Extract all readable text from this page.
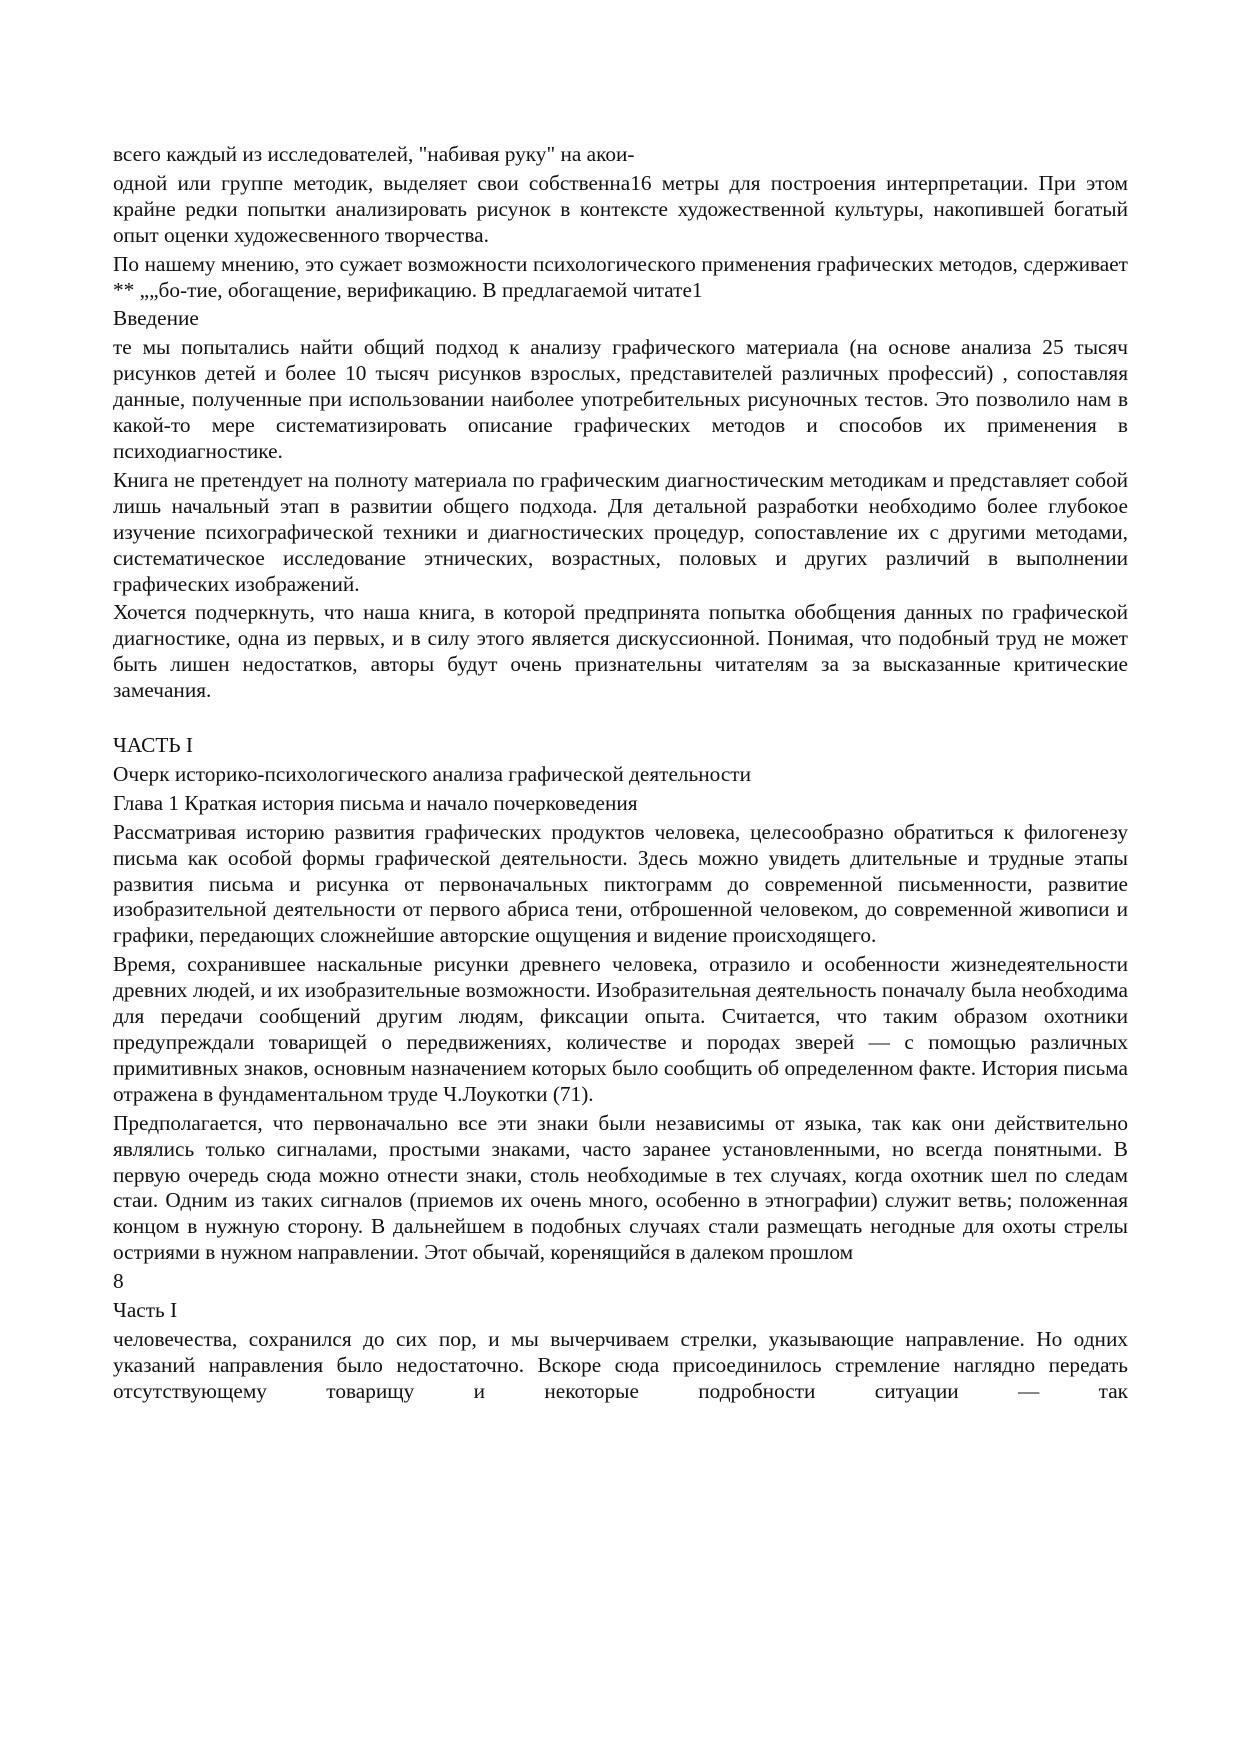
всего каждый из исследователей, "набивая руку" на акои-

одной или группе методик, выделяет свои собственна16 метры для построения интерпретации. При этом крайне редки попытки анализировать рисунок в контексте художественной культуры, накопившей богатый опыт оценки художесвенного творчества.

По нашему мнению, это сужает возможности психологического применения графических методов, сдерживает ** „„бо-тие, обогащение, верификацию. В предлагаемой читате1

Введение

те мы попытались найти общий подход к анализу графического материала (на основе анализа 25 тысяч рисунков детей и более 10 тысяч рисунков взрослых, представителей различных профессий) , сопоставляя данные, полученные при использовании наиболее употребительных рисуночных тестов. Это позволило нам в какой-то мере систематизировать описание графических методов и способов их применения в психодиагностике.

Книга не претендует на полноту материала по графическим диагностическим методикам и представляет собой лишь начальный этап в развитии общего подхода. Для детальной разработки необходимо более глубокое изучение психографической техники и диагностических процедур, сопоставление их с другими методами, систематическое исследование этнических, возрастных, половых и других различий в выполнении графических изображений.

Хочется подчеркнуть, что наша книга, в которой предпринята попытка обобщения данных по графической диагностике, одна из первых, и в силу этого является дискуссионной. Понимая, что подобный труд не может быть лишен недостатков, авторы будут очень признательны читателям за за высказанные критические замечания.

ЧАСТЬ I
Очерк историко-психологического анализа графической деятельности
Глава 1 Краткая история письма и начало почерковедения

Рассматривая историю развития графических продуктов человека, целесообразно обратиться к филогенезу письма как особой формы графической деятельности. Здесь можно увидеть длительные и трудные этапы развития письма и рисунка от первоначальных пиктограмм до современной письменности, развитие изобразительной деятельности от первого абриса тени, отброшенной человеком, до современной живописи и графики, передающих сложнейшие авторские ощущения и видение происходящего.

Время, сохранившее наскальные рисунки древнего человека, отразило и особенности жизнедеятельности древних людей, и их изобразительные возможности. Изобразительная деятельность поначалу была необходима для передачи сообщений другим людям, фиксации опыта. Считается, что таким образом охотники предупреждали товарищей о передвижениях, количестве и породах зверей — с помощью различных примитивных знаков, основным назначением которых было сообщить об определенном факте. История письма отражена в фундаментальном труде Ч.Лоукотки (71).

Предполагается, что первоначально все эти знаки были независимы от языка, так как они действительно являлись только сигналами, простыми знаками, часто заранее установленными, но всегда понятными. В первую очередь сюда можно отнести знаки, столь необходимые в тех случаях, когда охотник шел по следам стаи. Одним из таких сигналов (приемов их очень много, особенно в этнографии) служит ветвь; положенная концом в нужную сторону. В дальнейшем в подобных случаях стали размещать негодные для охоты стрелы остриями в нужном направлении. Этот обычай, коренящийся в далеком прошлом

8
Часть I

человечества, сохранился до сих пор, и мы вычерчиваем стрелки, указывающие направление. Но одних указаний направления было недостаточно. Вскоре сюда присоединилось стремление наглядно передать отсутствующему товарищу и некоторые подробности ситуации — так
